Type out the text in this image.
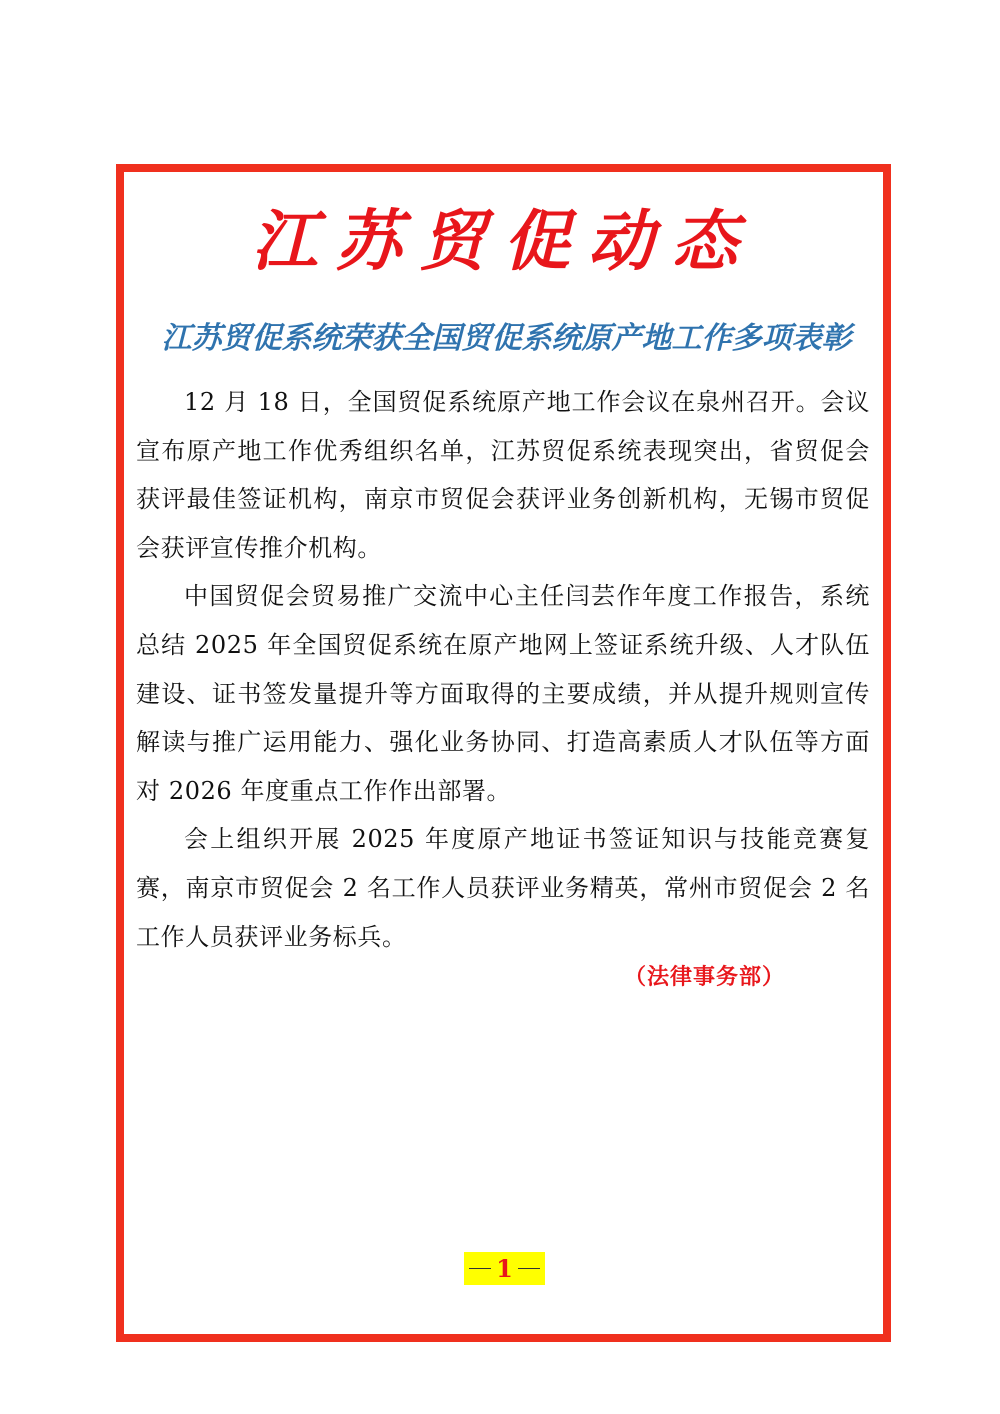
江苏贸促动态
江苏贸促系统荣获全国贸促系统原产地工作多项表彰

12 月 18 日，全国贸促系统原产地工作会议在泉州召开。会议宣布原产地工作优秀组织名单，江苏贸促系统表现突出，省贸促会获评最佳签证机构，南京市贸促会获评业务创新机构，无锡市贸促会获评宣传推介机构。

中国贸促会贸易推广交流中心主任闫芸作年度工作报告，系统总结 2025 年全国贸促系统在原产地网上签证系统升级、人才队伍建设、证书签发量提升等方面取得的主要成绩，并从提升规则宣传解读与推广运用能力、强化业务协同、打造高素质人才队伍等方面对 2026 年度重点工作作出部署。

会上组织开展 2025 年度原产地证书签证知识与技能竞赛复赛，南京市贸促会 2 名工作人员获评业务精英，常州市贸促会 2 名工作人员获评业务标兵。

（法律事务部）
1
